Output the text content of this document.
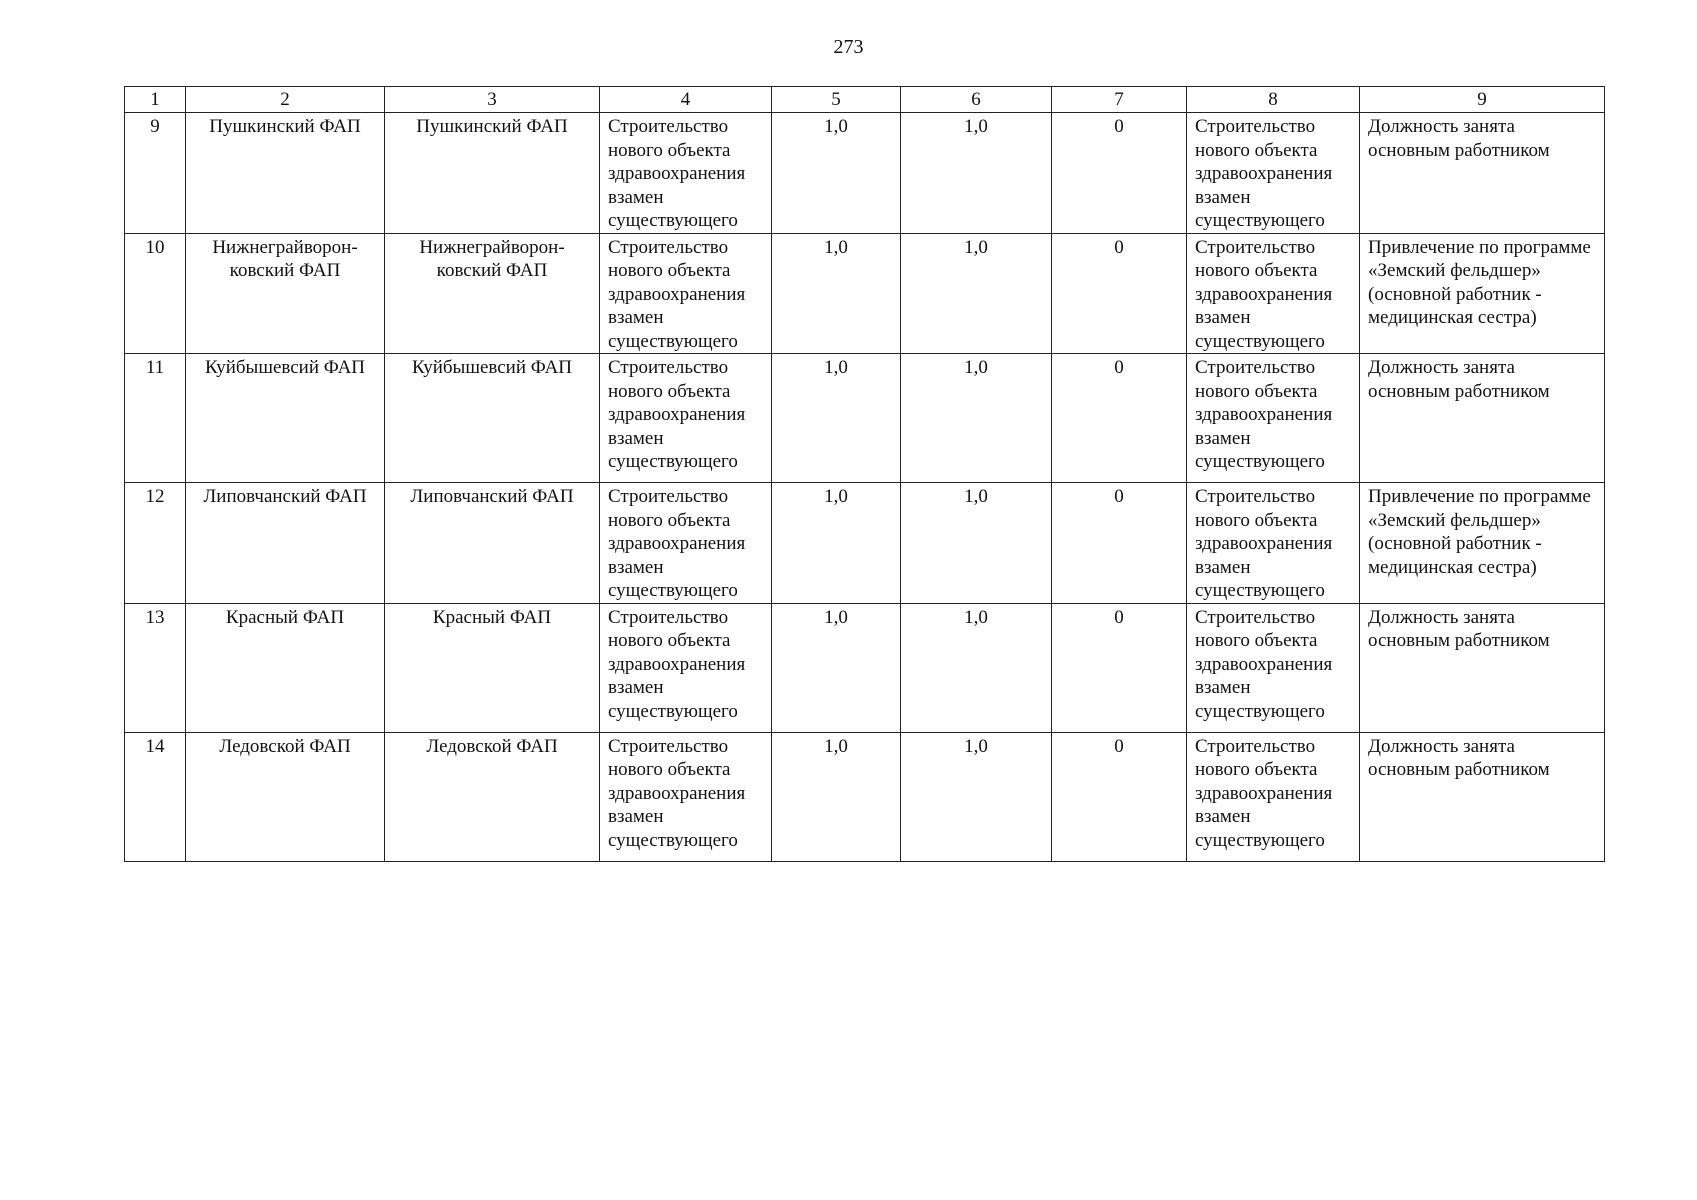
273
1	2	3	4	5	6	7	8	9
9	Пушкинский ФАП	Пушкинский ФАП	Строительство нового объекта здравоохранения взамен существующего	1,0	1,0	0	Строительство нового объекта здравоохранения взамен существующего	Должность занята основным работником
10	Нижнеграйворон-ковский ФАП	Нижнеграйворон-ковский ФАП	Строительство нового объекта здравоохранения взамен существующего	1,0	1,0	0	Строительство нового объекта здравоохранения взамен существующего	Привлечение по программе «Земский фельдшер» (основной работник - медицинская сестра)
11	Куйбышевсий ФАП	Куйбышевсий ФАП	Строительство нового объекта здравоохранения взамен существующего	1,0	1,0	0	Строительство нового объекта здравоохранения взамен существующего	Должность занята основным работником
12	Липовчанский ФАП	Липовчанский ФАП	Строительство нового объекта здравоохранения взамен существующего	1,0	1,0	0	Строительство нового объекта здравоохранения взамен существующего	Привлечение по программе «Земский фельдшер» (основной работник - медицинская сестра)
13	Красный ФАП	Красный ФАП	Строительство нового объекта здравоохранения взамен существующего	1,0	1,0	0	Строительство нового объекта здравоохранения взамен существующего	Должность занята основным работником
14	Ледовской ФАП	Ледовской ФАП	Строительство нового объекта здравоохранения взамен существующего	1,0	1,0	0	Строительство нового объекта здравоохранения взамен существующего	Должность занята основным работником
